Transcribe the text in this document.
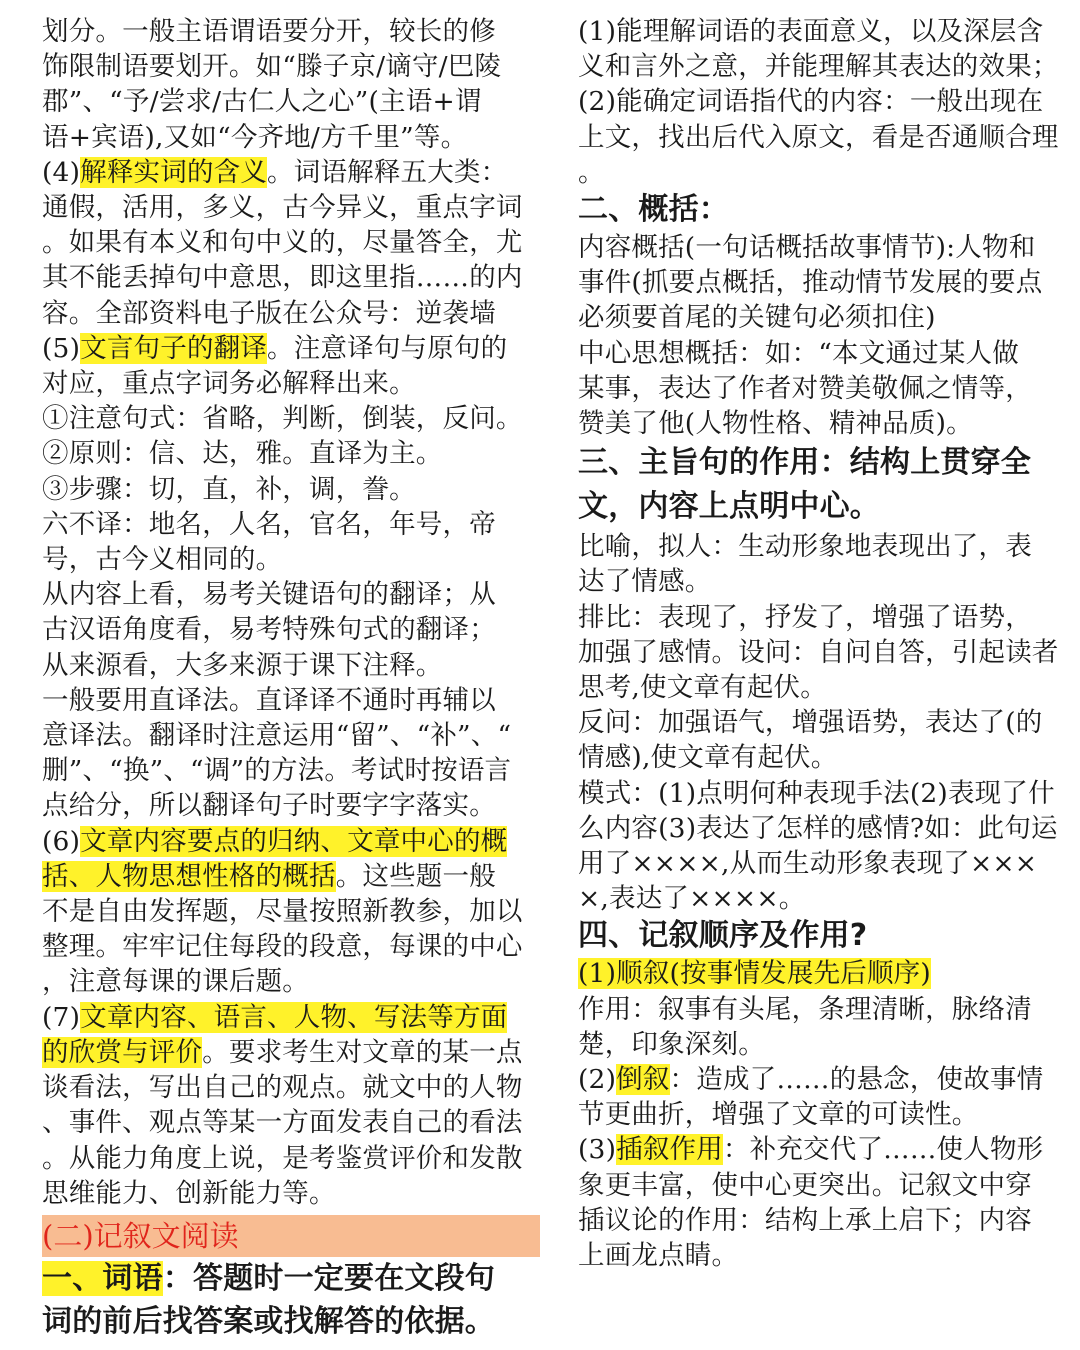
划分。一般主语谓语要分开，较长的修
饰限制语要划开。如“滕子京/谪守/巴陵
郡”、“予/尝求/古仁人之心”(主语+谓
语+宾语),又如“今齐地/方千里”等。
(4)解释实词的含义。词语解释五大类：
通假，活用，多义，古今异义，重点字词
。如果有本义和句中义的，尽量答全，尤
其不能丢掉句中意思，即这里指……的内
容。全部资料电子版在公众号：逆袭墙
(5)文言句子的翻译。注意译句与原句的
对应，重点字词务必解释出来。
①注意句式：省略，判断，倒装，反问。
②原则：信、达，雅。直译为主。
③步骤：切，直，补，调，誊。
六不译：地名，人名，官名，年号，帝
号，古今义相同的。
从内容上看，易考关键语句的翻译；从
古汉语角度看，易考特殊句式的翻译；
从来源看，大多来源于课下注释。
一般要用直译法。直译译不通时再辅以
意译法。翻译时注意运用“留”、“补”、“
删”、“换”、“调”的方法。考试时按语言
点给分，所以翻译句子时要字字落实。
(6)文章内容要点的归纳、文章中心的概
括、人物思想性格的概括。这些题一般
不是自由发挥题，尽量按照新教参，加以
整理。牢牢记住每段的段意，每课的中心
，注意每课的课后题。
(7)文章内容、语言、人物、写法等方面
的欣赏与评价。要求考生对文章的某一点
谈看法，写出自己的观点。就文中的人物
、事件、观点等某一方面发表自己的看法
。从能力角度上说，是考鉴赏评价和发散
思维能力、创新能力等。
(二)记叙文阅读
一、词语：答题时一定要在文段句
词的前后找答案或找解答的依据。
(1)能理解词语的表面意义，以及深层含
义和言外之意，并能理解其表达的效果；
(2)能确定词语指代的内容：一般出现在
上文，找出后代入原文，看是否通顺合理
。
二、概括：
内容概括(一句话概括故事情节):人物和
事件(抓要点概括，推动情节发展的要点
必须要首尾的关键句必须扣住)
中心思想概括：如：“本文通过某人做
某事，表达了作者对赞美敬佩之情等，
赞美了他(人物性格、精神品质)。
三、主旨句的作用：结构上贯穿全
文，内容上点明中心。
比喻，拟人：生动形象地表现出了，表
达了情感。
排比：表现了，抒发了，增强了语势，
加强了感情。设问：自问自答，引起读者
思考,使文章有起伏。
反问：加强语气，增强语势，表达了(的
情感),使文章有起伏。
模式：(1)点明何种表现手法(2)表现了什
么内容(3)表达了怎样的感情?如：此句运
用了××××,从而生动形象表现了×××
×,表达了××××。
四、记叙顺序及作用?
(1)顺叙(按事情发展先后顺序)
作用：叙事有头尾，条理清晰，脉络清
楚，印象深刻。
(2)倒叙：造成了……的悬念，使故事情
节更曲折，增强了文章的可读性。
(3)插叙作用：补充交代了……使人物形
象更丰富，使中心更突出。记叙文中穿
插议论的作用：结构上承上启下；内容
上画龙点睛。
